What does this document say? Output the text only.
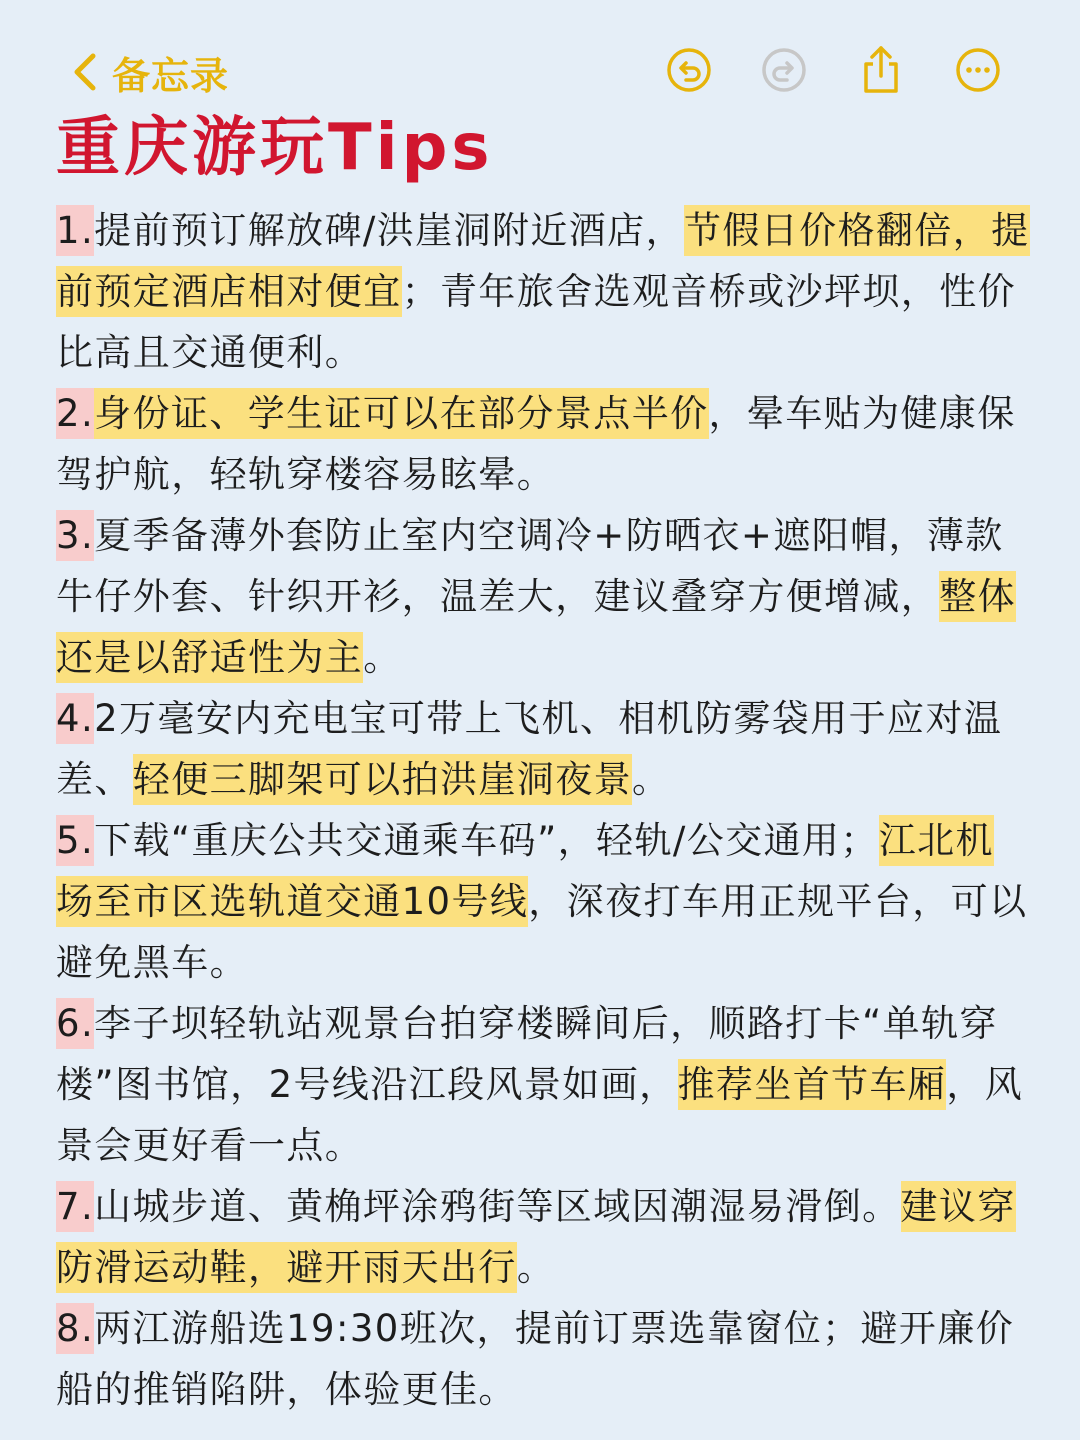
备忘录
重庆游玩Tips

1.提前预订解放碑/洪崖洞附近酒店，节假日价格翻倍，提前预定酒店相对便宜；青年旅舍选观音桥或沙坪坝，性价比高且交通便利。

2.身份证、学生证可以在部分景点半价，晕车贴为健康保驾护航，轻轨穿楼容易眩晕。

3.夏季备薄外套防止室内空调冷+防晒衣+遮阳帽，薄款牛仔外套、针织开衫，温差大，建议叠穿方便增减，整体还是以舒适性为主。

4.2万毫安内充电宝可带上飞机、相机防雾袋用于应对温差、轻便三脚架可以拍洪崖洞夜景。

5.下载“重庆公共交通乘车码”，轻轨/公交通用；江北机场至市区选轨道交通10号线，深夜打车用正规平台，可以避免黑车。

6.李子坝轻轨站观景台拍穿楼瞬间后，顺路打卡“单轨穿楼”图书馆，2号线沿江段风景如画，推荐坐首节车厢，风景会更好看一点。

7.山城步道、黄桷坪涂鸦街等区域因潮湿易滑倒。建议穿防滑运动鞋，避开雨天出行。

8.两江游船选19:30班次，提前订票选靠窗位；避开廉价船的推销陷阱，体验更佳。
